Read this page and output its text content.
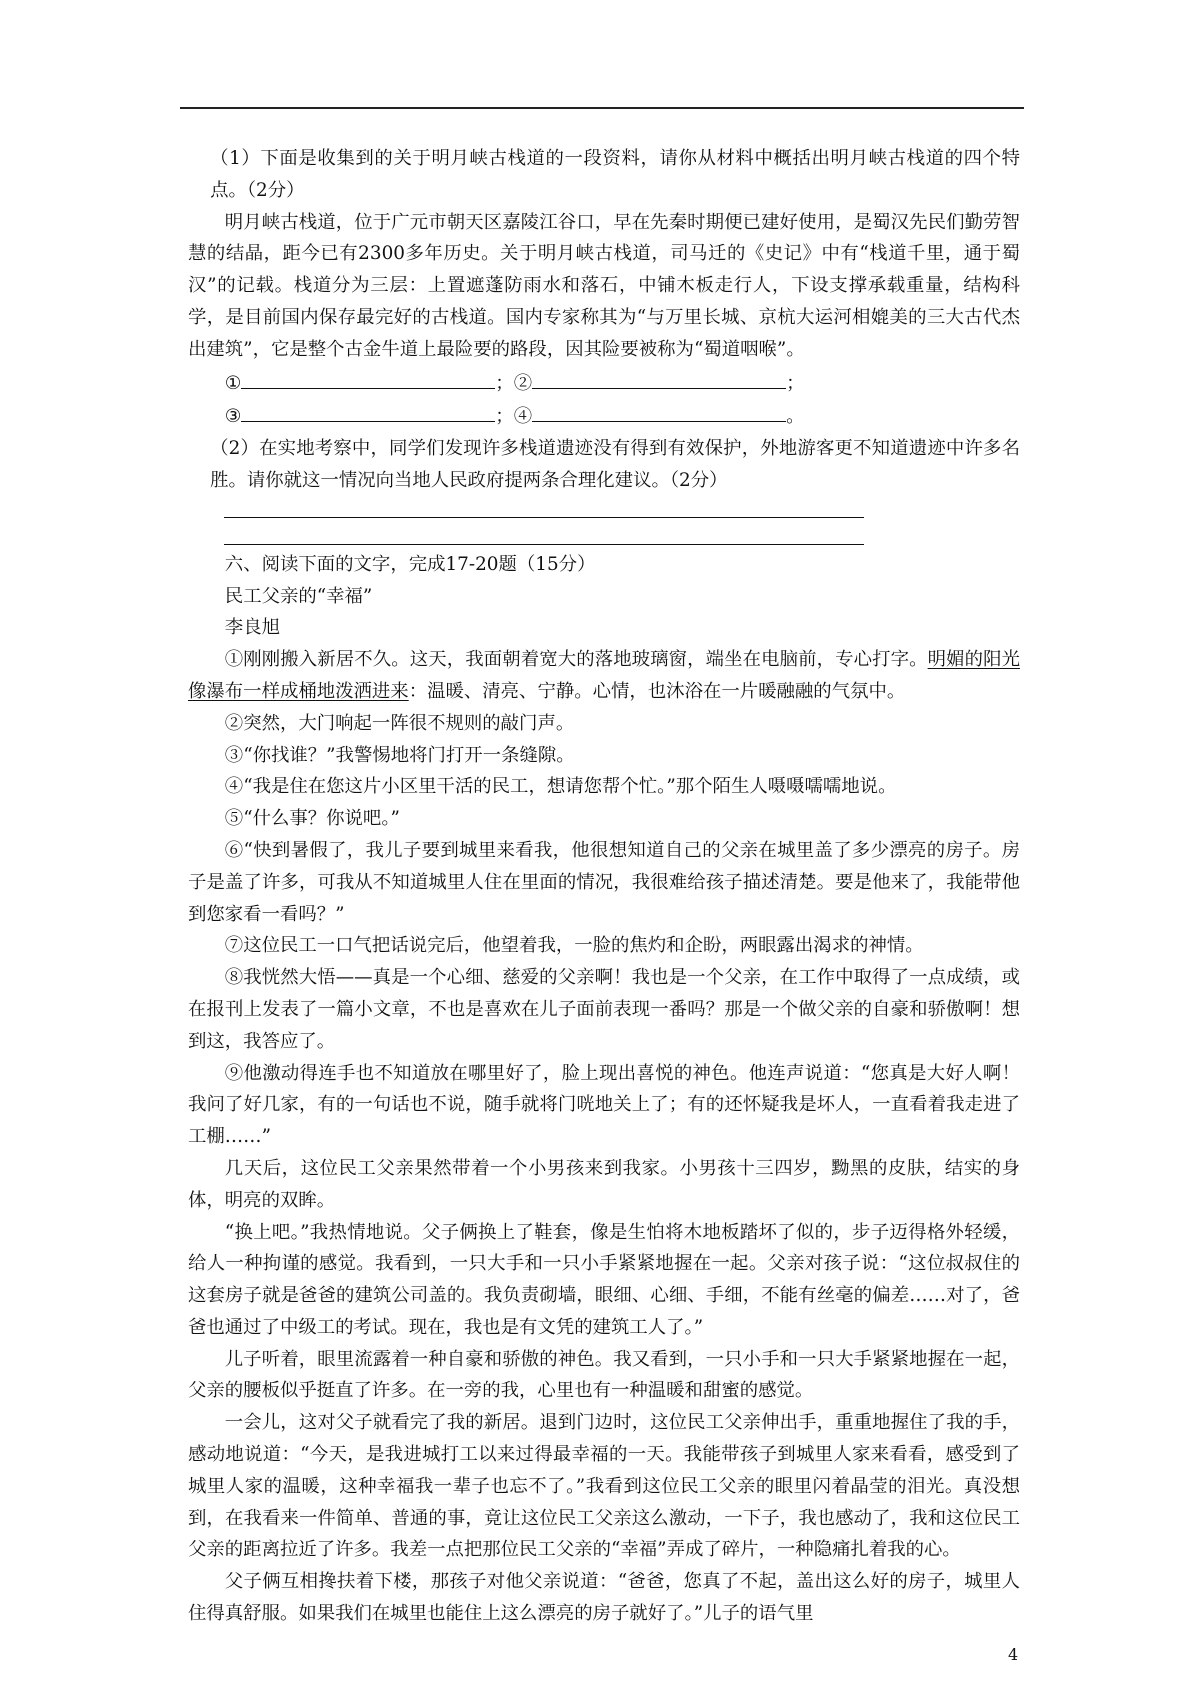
（1）下面是收集到的关于明月峡古栈道的一段资料，请你从材料中概括出明月峡古栈道的四个特点。（2分）

明月峡古栈道，位于广元市朝天区嘉陵江谷口，早在先秦时期便已建好使用，是蜀汉先民们勤劳智慧的结晶，距今已有2300多年历史。关于明月峡古栈道，司马迁的《史记》中有“栈道千里，通于蜀汉”的记载。栈道分为三层：上置遮蓬防雨水和落石，中铺木板走行人，下设支撑承载重量，结构科学，是目前国内保存最完好的古栈道。国内专家称其为“与万里长城、京杭大运河相媲美的三大古代杰出建筑”，它是整个古金牛道上最险要的路段，因其险要被称为“蜀道咽喉”。

①	；②	；
③	；④	。

（2）在实地考察中，同学们发现许多栈道遗迹没有得到有效保护，外地游客更不知道遗迹中许多名胜。请你就这一情况向当地人民政府提两条合理化建议。（2分）

六、阅读下面的文字，完成17-20题（15分）

民工父亲的“幸福”

李良旭

①刚刚搬入新居不久。这天，我面朝着宽大的落地玻璃窗，端坐在电脑前，专心打字。明媚的阳光像瀑布一样成桶地泼洒进来：温暖、清亮、宁静。心情，也沐浴在一片暖融融的气氛中。

②突然，大门响起一阵很不规则的敲门声。

③“你找谁？”我警惕地将门打开一条缝隙。

④“我是住在您这片小区里干活的民工，想请您帮个忙。”那个陌生人嗫嗫嚅嚅地说。

⑤“什么事？你说吧。”

⑥“快到暑假了，我儿子要到城里来看我，他很想知道自己的父亲在城里盖了多少漂亮的房子。房子是盖了许多，可我从不知道城里人住在里面的情况，我很难给孩子描述清楚。要是他来了，我能带他到您家看一看吗？”

⑦这位民工一口气把话说完后，他望着我，一脸的焦灼和企盼，两眼露出渴求的神情。

⑧我恍然大悟——真是一个心细、慈爱的父亲啊！我也是一个父亲，在工作中取得了一点成绩，或在报刊上发表了一篇小文章，不也是喜欢在儿子面前表现一番吗？那是一个做父亲的自豪和骄傲啊！想到这，我答应了。

⑨他激动得连手也不知道放在哪里好了，脸上现出喜悦的神色。他连声说道：“您真是大好人啊！我问了好几家，有的一句话也不说，随手就将门咣地关上了；有的还怀疑我是坏人，一直看着我走进了工棚……”

几天后，这位民工父亲果然带着一个小男孩来到我家。小男孩十三四岁，黝黑的皮肤，结实的身体，明亮的双眸。

“换上吧。”我热情地说。父子俩换上了鞋套，像是生怕将木地板踏坏了似的，步子迈得格外轻缓，给人一种拘谨的感觉。我看到，一只大手和一只小手紧紧地握在一起。父亲对孩子说：“这位叔叔住的这套房子就是爸爸的建筑公司盖的。我负责砌墙，眼细、心细、手细，不能有丝毫的偏差……对了，爸爸也通过了中级工的考试。现在，我也是有文凭的建筑工人了。”

儿子听着，眼里流露着一种自豪和骄傲的神色。我又看到，一只小手和一只大手紧紧地握在一起，父亲的腰板似乎挺直了许多。在一旁的我，心里也有一种温暖和甜蜜的感觉。

一会儿，这对父子就看完了我的新居。退到门边时，这位民工父亲伸出手，重重地握住了我的手，感动地说道：“今天，是我进城打工以来过得最幸福的一天。我能带孩子到城里人家来看看，感受到了城里人家的温暖，这种幸福我一辈子也忘不了。”我看到这位民工父亲的眼里闪着晶莹的泪光。真没想到，在我看来一件简单、普通的事，竟让这位民工父亲这么激动，一下子，我也感动了，我和这位民工父亲的距离拉近了许多。我差一点把那位民工父亲的“幸福”弄成了碎片，一种隐痛扎着我的心。

父子俩互相搀扶着下楼，那孩子对他父亲说道：“爸爸，您真了不起，盖出这么好的房子，城里人住得真舒服。如果我们在城里也能住上这么漂亮的房子就好了。”儿子的语气里

4
